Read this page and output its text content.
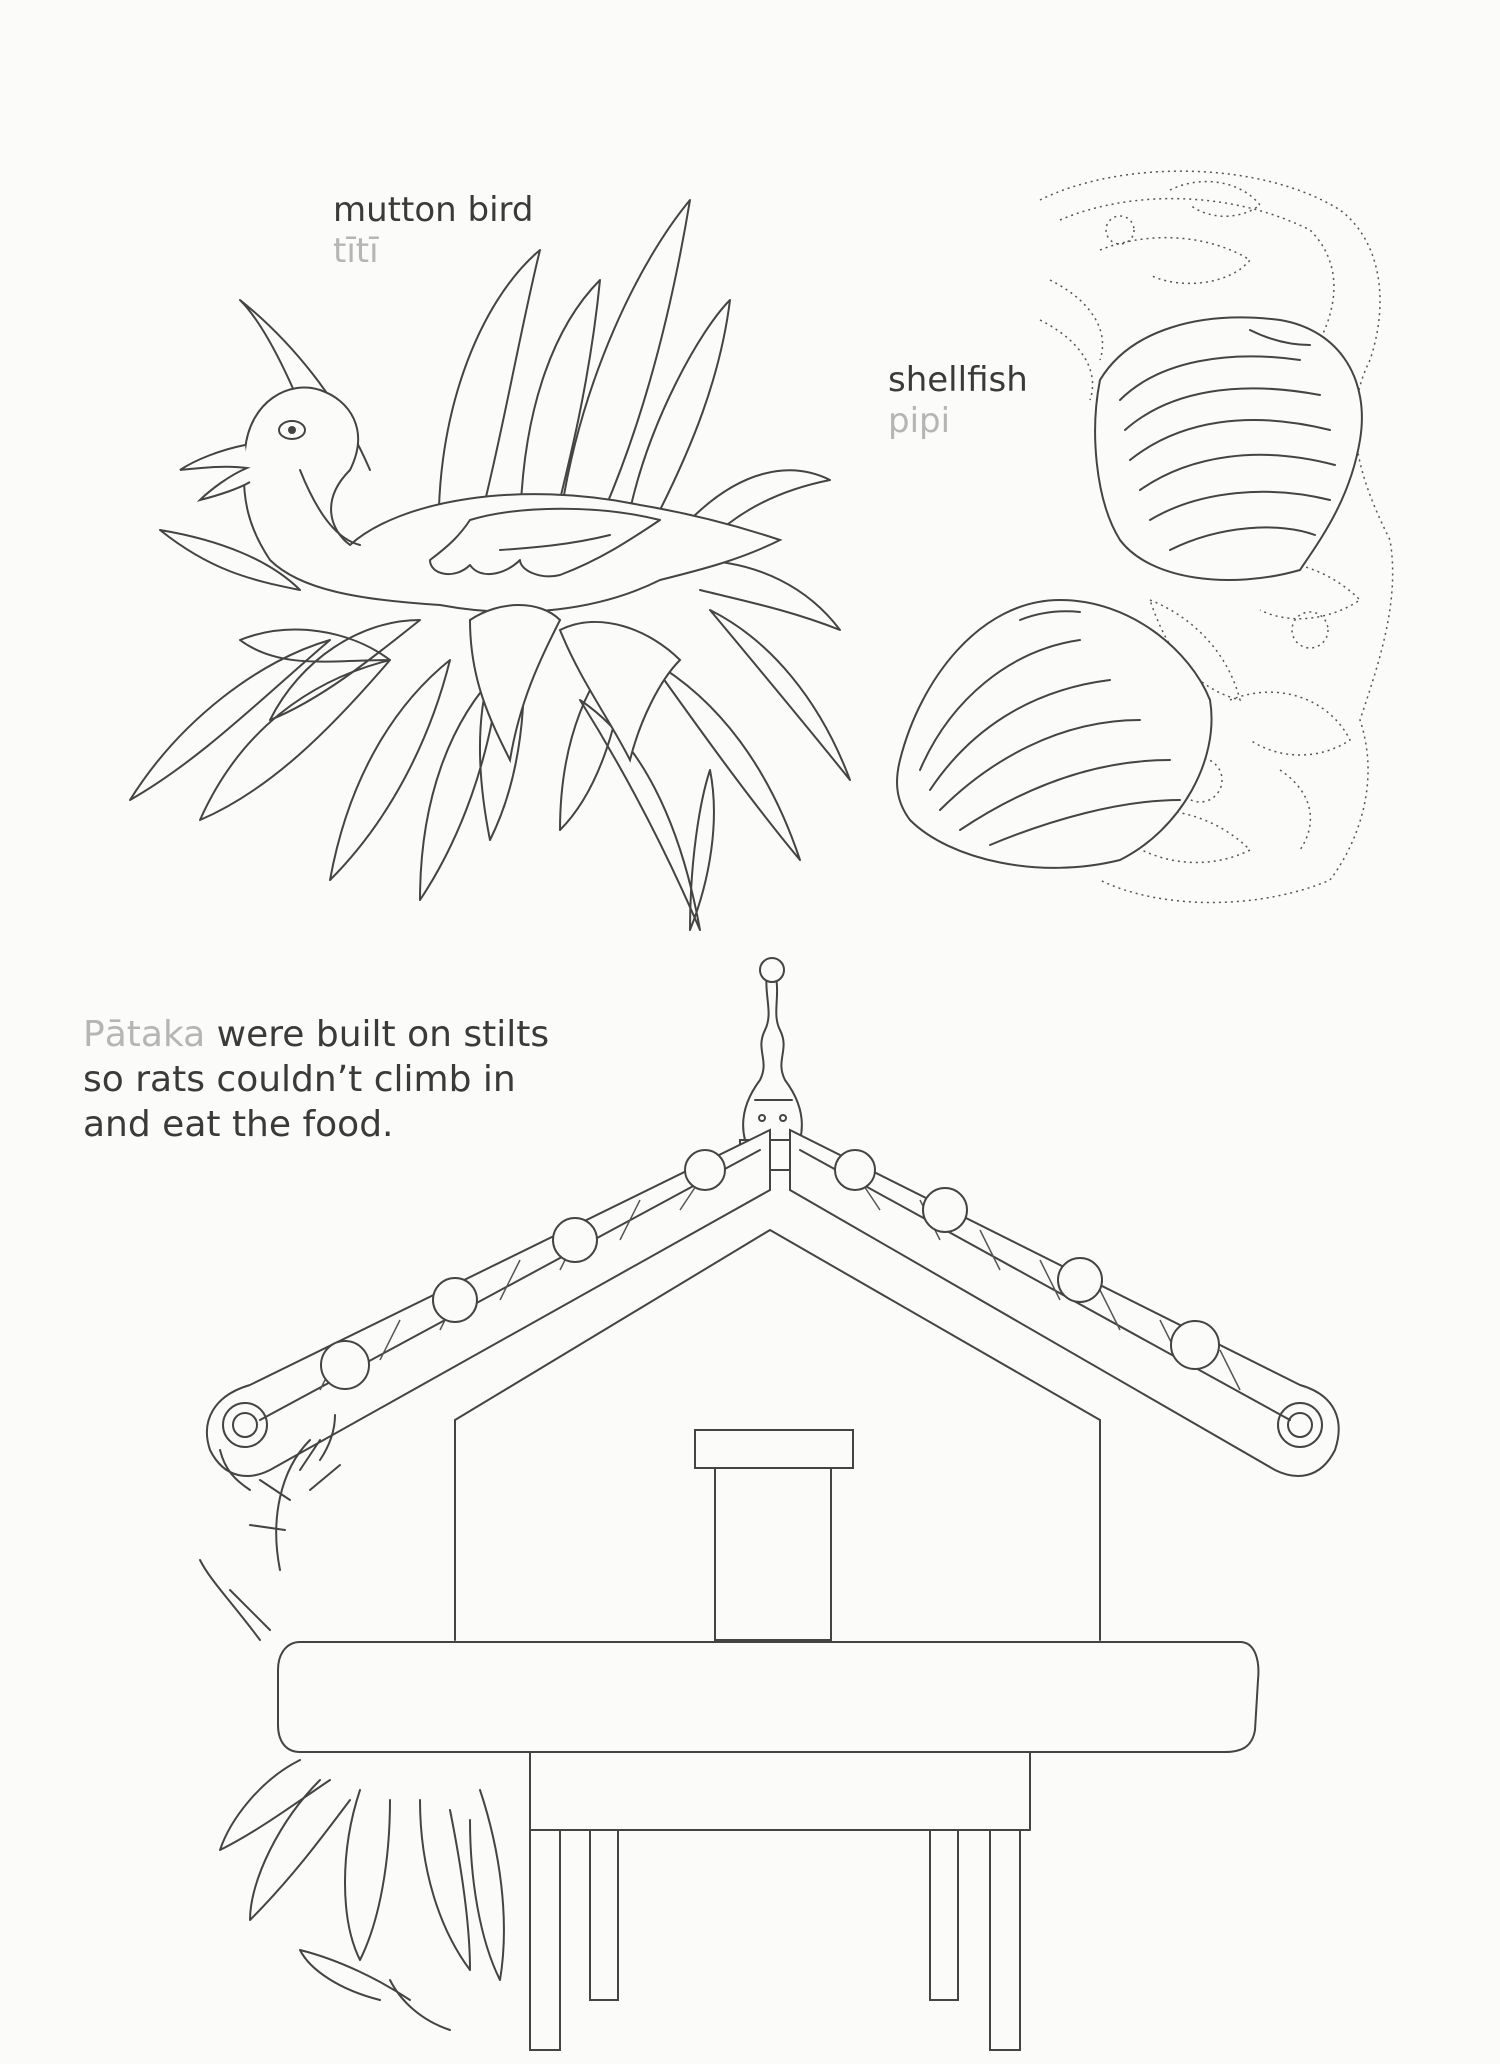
mutton bird
tītī
shellfish
pipi
Pātaka were built on stilts
so rats couldn’t climb in
and eat the food.
